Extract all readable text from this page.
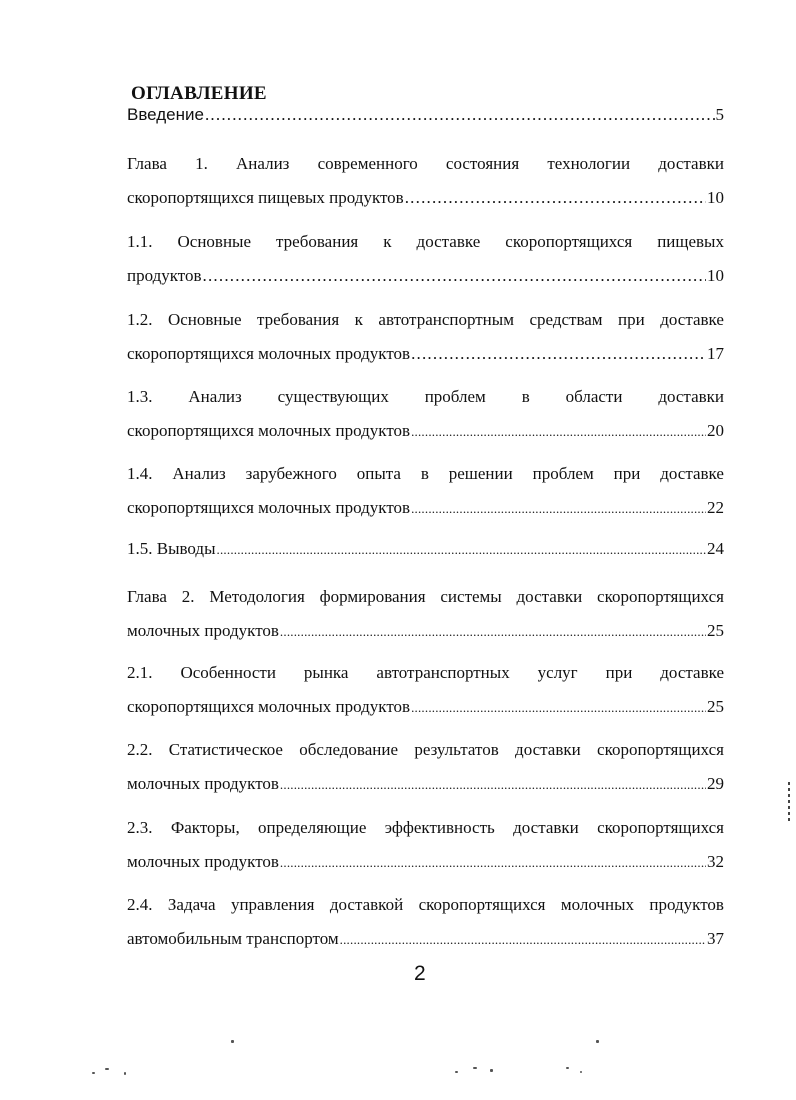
ОГЛАВЛЕНИЕ
Введение .....	5
Глава 1. Анализ современного состояния технологии доставки
скоропортящихся пищевых продуктов .....	10
1.1. Основные требования к доставке скоропортящихся пищевых
продуктов .....	10
1.2. Основные требования к автотранспортным средствам при доставке
скоропортящихся молочных продуктов .....	17
1.3. Анализ существующих проблем в области доставки
скоропортящихся молочных продуктов .....	20
1.4. Анализ зарубежного опыта в решении проблем при доставке
скоропортящихся молочных продуктов .....	22
1.5. Выводы .....	24
Глава 2. Методология формирования системы доставки скоропортящихся
молочных продуктов .....	25
2.1. Особенности рынка автотранспортных услуг при доставке
скоропортящихся молочных продуктов .....	25
2.2. Статистическое обследование результатов доставки скоропортящихся
молочных продуктов .....	29
2.3. Факторы, определяющие эффективность доставки скоропортящихся
молочных продуктов .....	32
2.4. Задача управления доставкой скоропортящихся молочных продуктов
автомобильным транспортом .....	37
2
